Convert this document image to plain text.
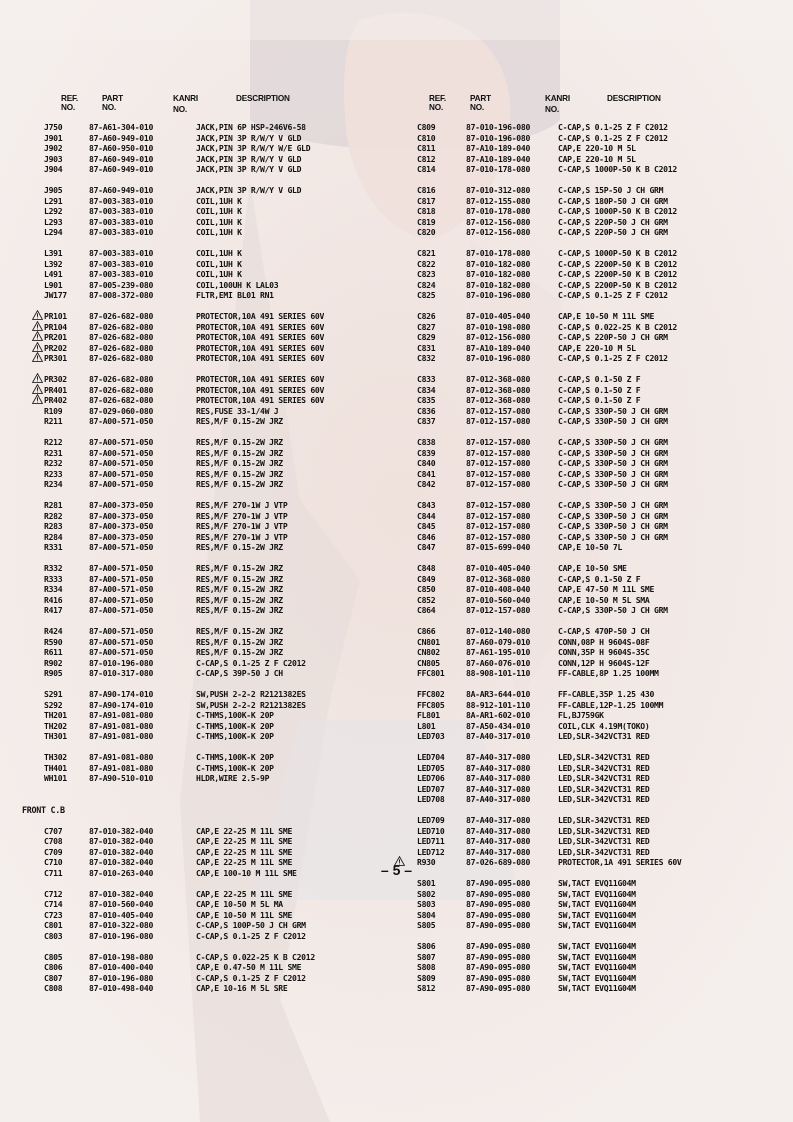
REF. NO.
PART NO.
KANRI
NO.
DESCRIPTION
J750	87-A61-304-010	JACK,PIN 6P HSP-246V6-58
J901	87-A60-949-010	JACK,PIN 3P R/W/Y V GLD
J902	87-A60-950-010	JACK,PIN 3P R/W/Y W/E GLD
J903	87-A60-949-010	JACK,PIN 3P R/W/Y V GLD
J904	87-A60-949-010	JACK,PIN 3P R/W/Y V GLD
J905	87-A60-949-010	JACK,PIN 3P R/W/Y V GLD
L291	87-003-383-010	COIL,1UH K
L292	87-003-383-010	COIL,1UH K
L293	87-003-383-010	COIL,1UH K
L294	87-003-383-010	COIL,1UH K
L391	87-003-383-010	COIL,1UH K
L392	87-003-383-010	COIL,1UH K
L491	87-003-383-010	COIL,1UH K
L901	87-005-239-080	COIL,100UH K LAL03
JW177	87-008-372-080	FLTR,EMI BL01 RN1
PR101	87-026-682-080	PROTECTOR,10A 491 SERIES 60V
PR104	87-026-682-080	PROTECTOR,10A 491 SERIES 60V
PR201	87-026-682-080	PROTECTOR,10A 491 SERIES 60V
PR202	87-026-682-080	PROTECTOR,10A 491 SERIES 60V
PR301	87-026-682-080	PROTECTOR,10A 491 SERIES 60V
PR302	87-026-682-080	PROTECTOR,10A 491 SERIES 60V
PR401	87-026-682-080	PROTECTOR,10A 491 SERIES 60V
PR402	87-026-682-080	PROTECTOR,10A 491 SERIES 60V
R109	87-029-060-080	RES,FUSE 33-1/4W J
R211	87-A00-571-050	RES,M/F 0.15-2W JRZ
R212	87-A00-571-050	RES,M/F 0.15-2W JRZ
R231	87-A00-571-050	RES,M/F 0.15-2W JRZ
R232	87-A00-571-050	RES,M/F 0.15-2W JRZ
R233	87-A00-571-050	RES,M/F 0.15-2W JRZ
R234	87-A00-571-050	RES,M/F 0.15-2W JRZ
R281	87-A00-373-050	RES,M/F 270-1W J VTP
R282	87-A00-373-050	RES,M/F 270-1W J VTP
R283	87-A00-373-050	RES,M/F 270-1W J VTP
R284	87-A00-373-050	RES,M/F 270-1W J VTP
R331	87-A00-571-050	RES,M/F 0.15-2W JRZ
R332	87-A00-571-050	RES,M/F 0.15-2W JRZ
R333	87-A00-571-050	RES,M/F 0.15-2W JRZ
R334	87-A00-571-050	RES,M/F 0.15-2W JRZ
R416	87-A00-571-050	RES,M/F 0.15-2W JRZ
R417	87-A00-571-050	RES,M/F 0.15-2W JRZ
R424	87-A00-571-050	RES,M/F 0.15-2W JRZ
R590	87-A00-571-050	RES,M/F 0.15-2W JRZ
R611	87-A00-571-050	RES,M/F 0.15-2W JRZ
R902	87-010-196-080	C-CAP,S 0.1-25 Z F C2012
R905	87-010-317-080	C-CAP,S 39P-50 J CH
S291	87-A90-174-010	SW,PUSH 2-2-2 R2121382ES
S292	87-A90-174-010	SW,PUSH 2-2-2 R2121382ES
TH201	87-A91-081-080	C-THMS,100K-K 20P
TH202	87-A91-081-080	C-THMS,100K-K 20P
TH301	87-A91-081-080	C-THMS,100K-K 20P
TH302	87-A91-081-080	C-THMS,100K-K 20P
TH401	87-A91-081-080	C-THMS,100K-K 20P
WH101	87-A90-510-010	HLDR,WIRE 2.5-9P
FRONT C.B
C707	87-010-382-040	CAP,E 22-25 M 11L SME
C708	87-010-382-040	CAP,E 22-25 M 11L SME
C709	87-010-382-040	CAP,E 22-25 M 11L SME
C710	87-010-382-040	CAP,E 22-25 M 11L SME
C711	87-010-263-040	CAP,E 100-10 M 11L SME
C712	87-010-382-040	CAP,E 22-25 M 11L SME
C714	87-010-560-040	CAP,E 10-50 M 5L MA
C723	87-010-405-040	CAP,E 10-50 M 11L SME
C801	87-010-322-080	C-CAP,S 100P-50 J CH GRM
C803	87-010-196-080	C-CAP,S 0.1-25 Z F C2012
C805	87-010-198-080	C-CAP,S 0.022-25 K B C2012
C806	87-010-400-040	CAP,E 0.47-50 M 11L SME
C807	87-010-196-080	C-CAP,S 0.1-25 Z F C2012
C808	87-010-498-040	CAP,E 10-16 M 5L SRE
REF. NO.
PART NO.
KANRI
NO.
DESCRIPTION
C809	87-010-196-080	C-CAP,S 0.1-25 Z F C2012
C810	87-010-196-080	C-CAP,S 0.1-25 Z F C2012
C811	87-A10-189-040	CAP,E 220-10 M 5L
C812	87-A10-189-040	CAP,E 220-10 M 5L
C814	87-010-178-080	C-CAP,S 1000P-50 K B C2012
C816	87-010-312-080	C-CAP,S 15P-50 J CH GRM
C817	87-012-155-080	C-CAP,S 180P-50 J CH GRM
C818	87-010-178-080	C-CAP,S 1000P-50 K B C2012
C819	87-012-156-080	C-CAP,S 220P-50 J CH GRM
C820	87-012-156-080	C-CAP,S 220P-50 J CH GRM
C821	87-010-178-080	C-CAP,S 1000P-50 K B C2012
C822	87-010-182-080	C-CAP,S 2200P-50 K B C2012
C823	87-010-182-080	C-CAP,S 2200P-50 K B C2012
C824	87-010-182-080	C-CAP,S 2200P-50 K B C2012
C825	87-010-196-080	C-CAP,S 0.1-25 Z F C2012
C826	87-010-405-040	CAP,E 10-50 M 11L SME
C827	87-010-198-080	C-CAP,S 0.022-25 K B C2012
C829	87-012-156-080	C-CAP,S 220P-50 J CH GRM
C831	87-A10-189-040	CAP,E 220-10 M 5L
C832	87-010-196-080	C-CAP,S 0.1-25 Z F C2012
C833	87-012-368-080	C-CAP,S 0.1-50 Z F
C834	87-012-368-080	C-CAP,S 0.1-50 Z F
C835	87-012-368-080	C-CAP,S 0.1-50 Z F
C836	87-012-157-080	C-CAP,S 330P-50 J CH GRM
C837	87-012-157-080	C-CAP,S 330P-50 J CH GRM
C838	87-012-157-080	C-CAP,S 330P-50 J CH GRM
C839	87-012-157-080	C-CAP,S 330P-50 J CH GRM
C840	87-012-157-080	C-CAP,S 330P-50 J CH GRM
C841	87-012-157-080	C-CAP,S 330P-50 J CH GRM
C842	87-012-157-080	C-CAP,S 330P-50 J CH GRM
C843	87-012-157-080	C-CAP,S 330P-50 J CH GRM
C844	87-012-157-080	C-CAP,S 330P-50 J CH GRM
C845	87-012-157-080	C-CAP,S 330P-50 J CH GRM
C846	87-012-157-080	C-CAP,S 330P-50 J CH GRM
C847	87-015-699-040	CAP,E 10-50 7L
C848	87-010-405-040	CAP,E 10-50 SME
C849	87-012-368-080	C-CAP,S 0.1-50 Z F
C850	87-010-408-040	CAP,E 47-50 M 11L SME
C852	87-010-560-040	CAP,E 10-50 M 5L SMA
C864	87-012-157-080	C-CAP,S 330P-50 J CH GRM
C866	87-012-140-080	C-CAP,S 470P-50 J CH
CN801	87-A60-079-010	CONN,08P H 9604S-08F
CN802	87-A61-195-010	CONN,35P H 9604S-35C
CN805	87-A60-076-010	CONN,12P H 9604S-12F
FFC801	88-908-101-110	FF-CABLE,8P 1.25 100MM
FFC802	8A-AR3-644-010	FF-CABLE,35P 1.25 430
FFC805	88-912-101-110	FF-CABLE,12P-1.25 100MM
FL801	8A-AR1-602-010	FL,BJ759GK
L801	87-A50-434-010	COIL,CLK 4.19M(TOKO)
LED703	87-A40-317-010	LED,SLR-342VCT31 RED
LED704	87-A40-317-080	LED,SLR-342VCT31 RED
LED705	87-A40-317-080	LED,SLR-342VCT31 RED
LED706	87-A40-317-080	LED,SLR-342VCT31 RED
LED707	87-A40-317-080	LED,SLR-342VCT31 RED
LED708	87-A40-317-080	LED,SLR-342VCT31 RED
LED709	87-A40-317-080	LED,SLR-342VCT31 RED
LED710	87-A40-317-080	LED,SLR-342VCT31 RED
LED711	87-A40-317-080	LED,SLR-342VCT31 RED
LED712	87-A40-317-080	LED,SLR-342VCT31 RED
R930	87-026-689-080	PROTECTOR,1A 491 SERIES 60V
S801	87-A90-095-080	SW,TACT EVQ11G04M
S802	87-A90-095-080	SW,TACT EVQ11G04M
S803	87-A90-095-080	SW,TACT EVQ11G04M
S804	87-A90-095-080	SW,TACT EVQ11G04M
S805	87-A90-095-080	SW,TACT EVQ11G04M
S806	87-A90-095-080	SW,TACT EVQ11G04M
S807	87-A90-095-080	SW,TACT EVQ11G04M
S808	87-A90-095-080	SW,TACT EVQ11G04M
S809	87-A90-095-080	SW,TACT EVQ11G04M
S812	87-A90-095-080	SW,TACT EVQ11G04M
– 5 –
